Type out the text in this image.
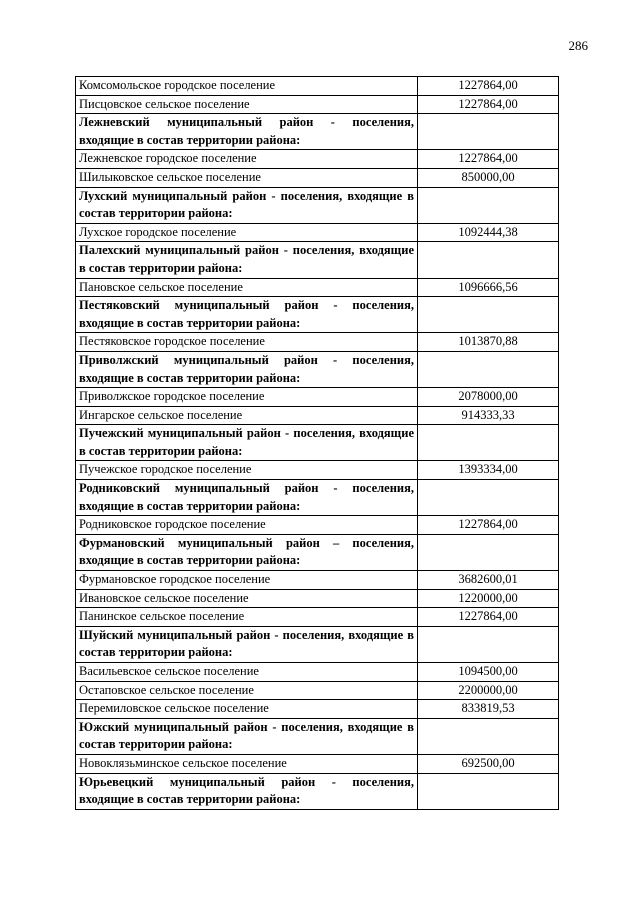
286
Комсомольское городское поселение	1227864,00
Писцовское сельское поселение	1227864,00
Лежневский муниципальный район - поселения, входящие в состав территории района:	
Лежневское городское поселение	1227864,00
Шилыковское сельское поселение	850000,00
Лухский муниципальный район - поселения, входящие в состав территории района:	
Лухское городское поселение	1092444,38
Палехский муниципальный район - поселения, входящие в состав территории района:	
Пановское сельское поселение	1096666,56
Пестяковский муниципальный район - поселения, входящие в состав территории района:	
Пестяковское городское поселение	1013870,88
Приволжский муниципальный район - поселения, входящие в состав территории района:	
Приволжское городское поселение	2078000,00
Ингарское сельское поселение	914333,33
Пучежский муниципальный район - поселения, входящие в состав территории района:	
Пучежское городское поселение	1393334,00
Родниковский муниципальный район - поселения, входящие в состав территории района:	
Родниковское городское поселение	1227864,00
Фурмановский муниципальный район – поселения, входящие в состав территории района:	
Фурмановское городское поселение	3682600,01
Ивановское сельское поселение	1220000,00
Панинское сельское поселение	1227864,00
Шуйский муниципальный район - поселения, входящие в состав территории района:	
Васильевское сельское поселение	1094500,00
Остаповское сельское поселение	2200000,00
Перемиловское сельское поселение	833819,53
Южский муниципальный район - поселения, входящие в состав территории района:	
Новоклязьминское сельское поселение	692500,00
Юрьевецкий муниципальный район - поселения, входящие в состав территории района:	
